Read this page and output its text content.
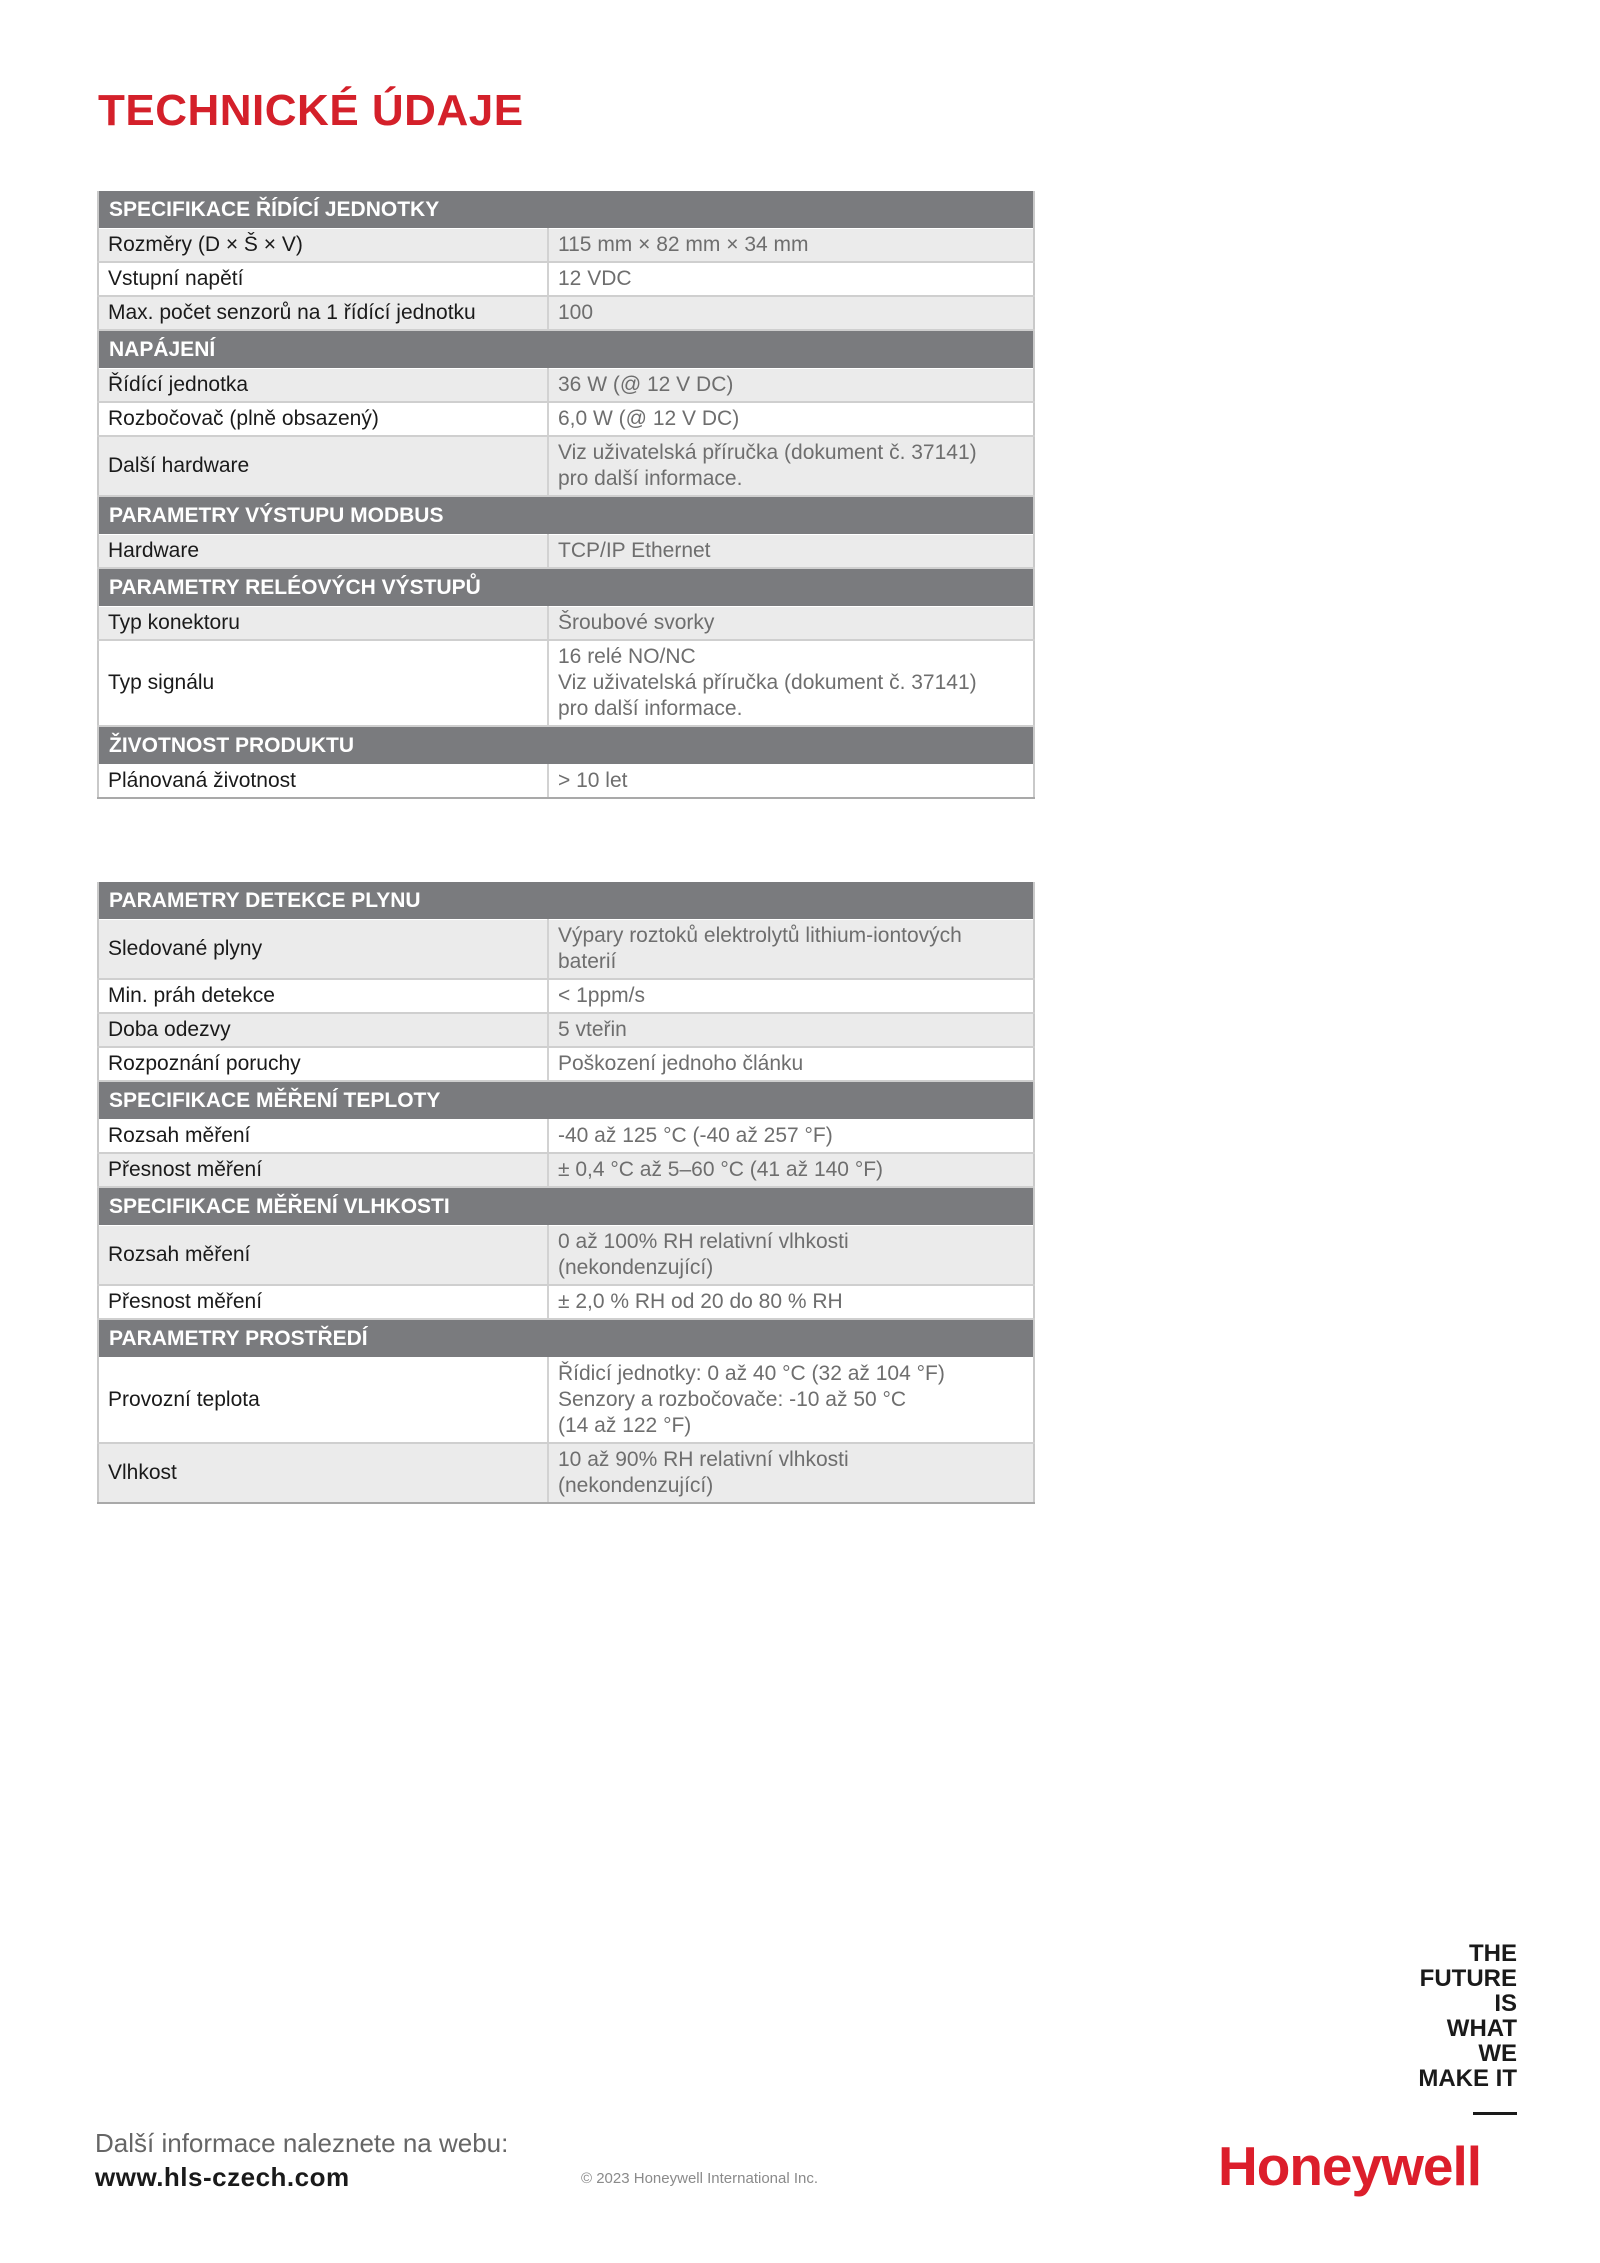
TECHNICKÉ ÚDAJE
SPECIFIKACE ŘÍDÍCÍ JEDNOTKY	
Rozměry (D × Š × V)	115 mm × 82 mm × 34 mm
Vstupní napětí	12 VDC
Max. počet senzorů na 1 řídící jednotku	100
NAPÁJENÍ	
Řídící jednotka	36 W (@ 12 V DC)
Rozbočovač (plně obsazený)	6,0 W (@ 12 V DC)
Další hardware	Viz uživatelská příručka (dokument č. 37141)
pro další informace.
PARAMETRY VÝSTUPU MODBUS	
Hardware	TCP/IP Ethernet
PARAMETRY RELÉOVÝCH VÝSTUPŮ	
Typ konektoru	Šroubové svorky
Typ signálu	16 relé NO/NC
Viz uživatelská příručka (dokument č. 37141)
pro další informace.
ŽIVOTNOST PRODUKTU	
Plánovaná životnost	> 10 let
PARAMETRY DETEKCE PLYNU	
Sledované plyny	Výpary roztoků elektrolytů lithium-iontových
baterií
Min. práh detekce	< 1ppm/s
Doba odezvy	5 vteřin
Rozpoznání poruchy	Poškození jednoho článku
SPECIFIKACE MĚŘENÍ TEPLOTY	
Rozsah měření	-40 až 125 °C (-40 až 257 °F)
Přesnost měření	± 0,4 °C až 5–60 °C (41 až 140 °F)
SPECIFIKACE MĚŘENÍ VLHKOSTI	
Rozsah měření	0 až 100% RH relativní vlhkosti
(nekondenzující)
Přesnost měření	± 2,0 % RH od 20 do 80 % RH
PARAMETRY PROSTŘEDÍ	
Provozní teplota	Řídicí jednotky: 0 až 40 °C (32 až 104 °F)
Senzory a rozbočovače: -10 až 50 °C
(14 až 122 °F)
Vlhkost	10 až 90% RH relativní vlhkosti
(nekondenzující)
THE
FUTURE
IS
WHAT
WE
MAKE IT
Další informace naleznete na webu:
www.hls-czech.com	© 2023 Honeywell International Inc.	Honeywell
